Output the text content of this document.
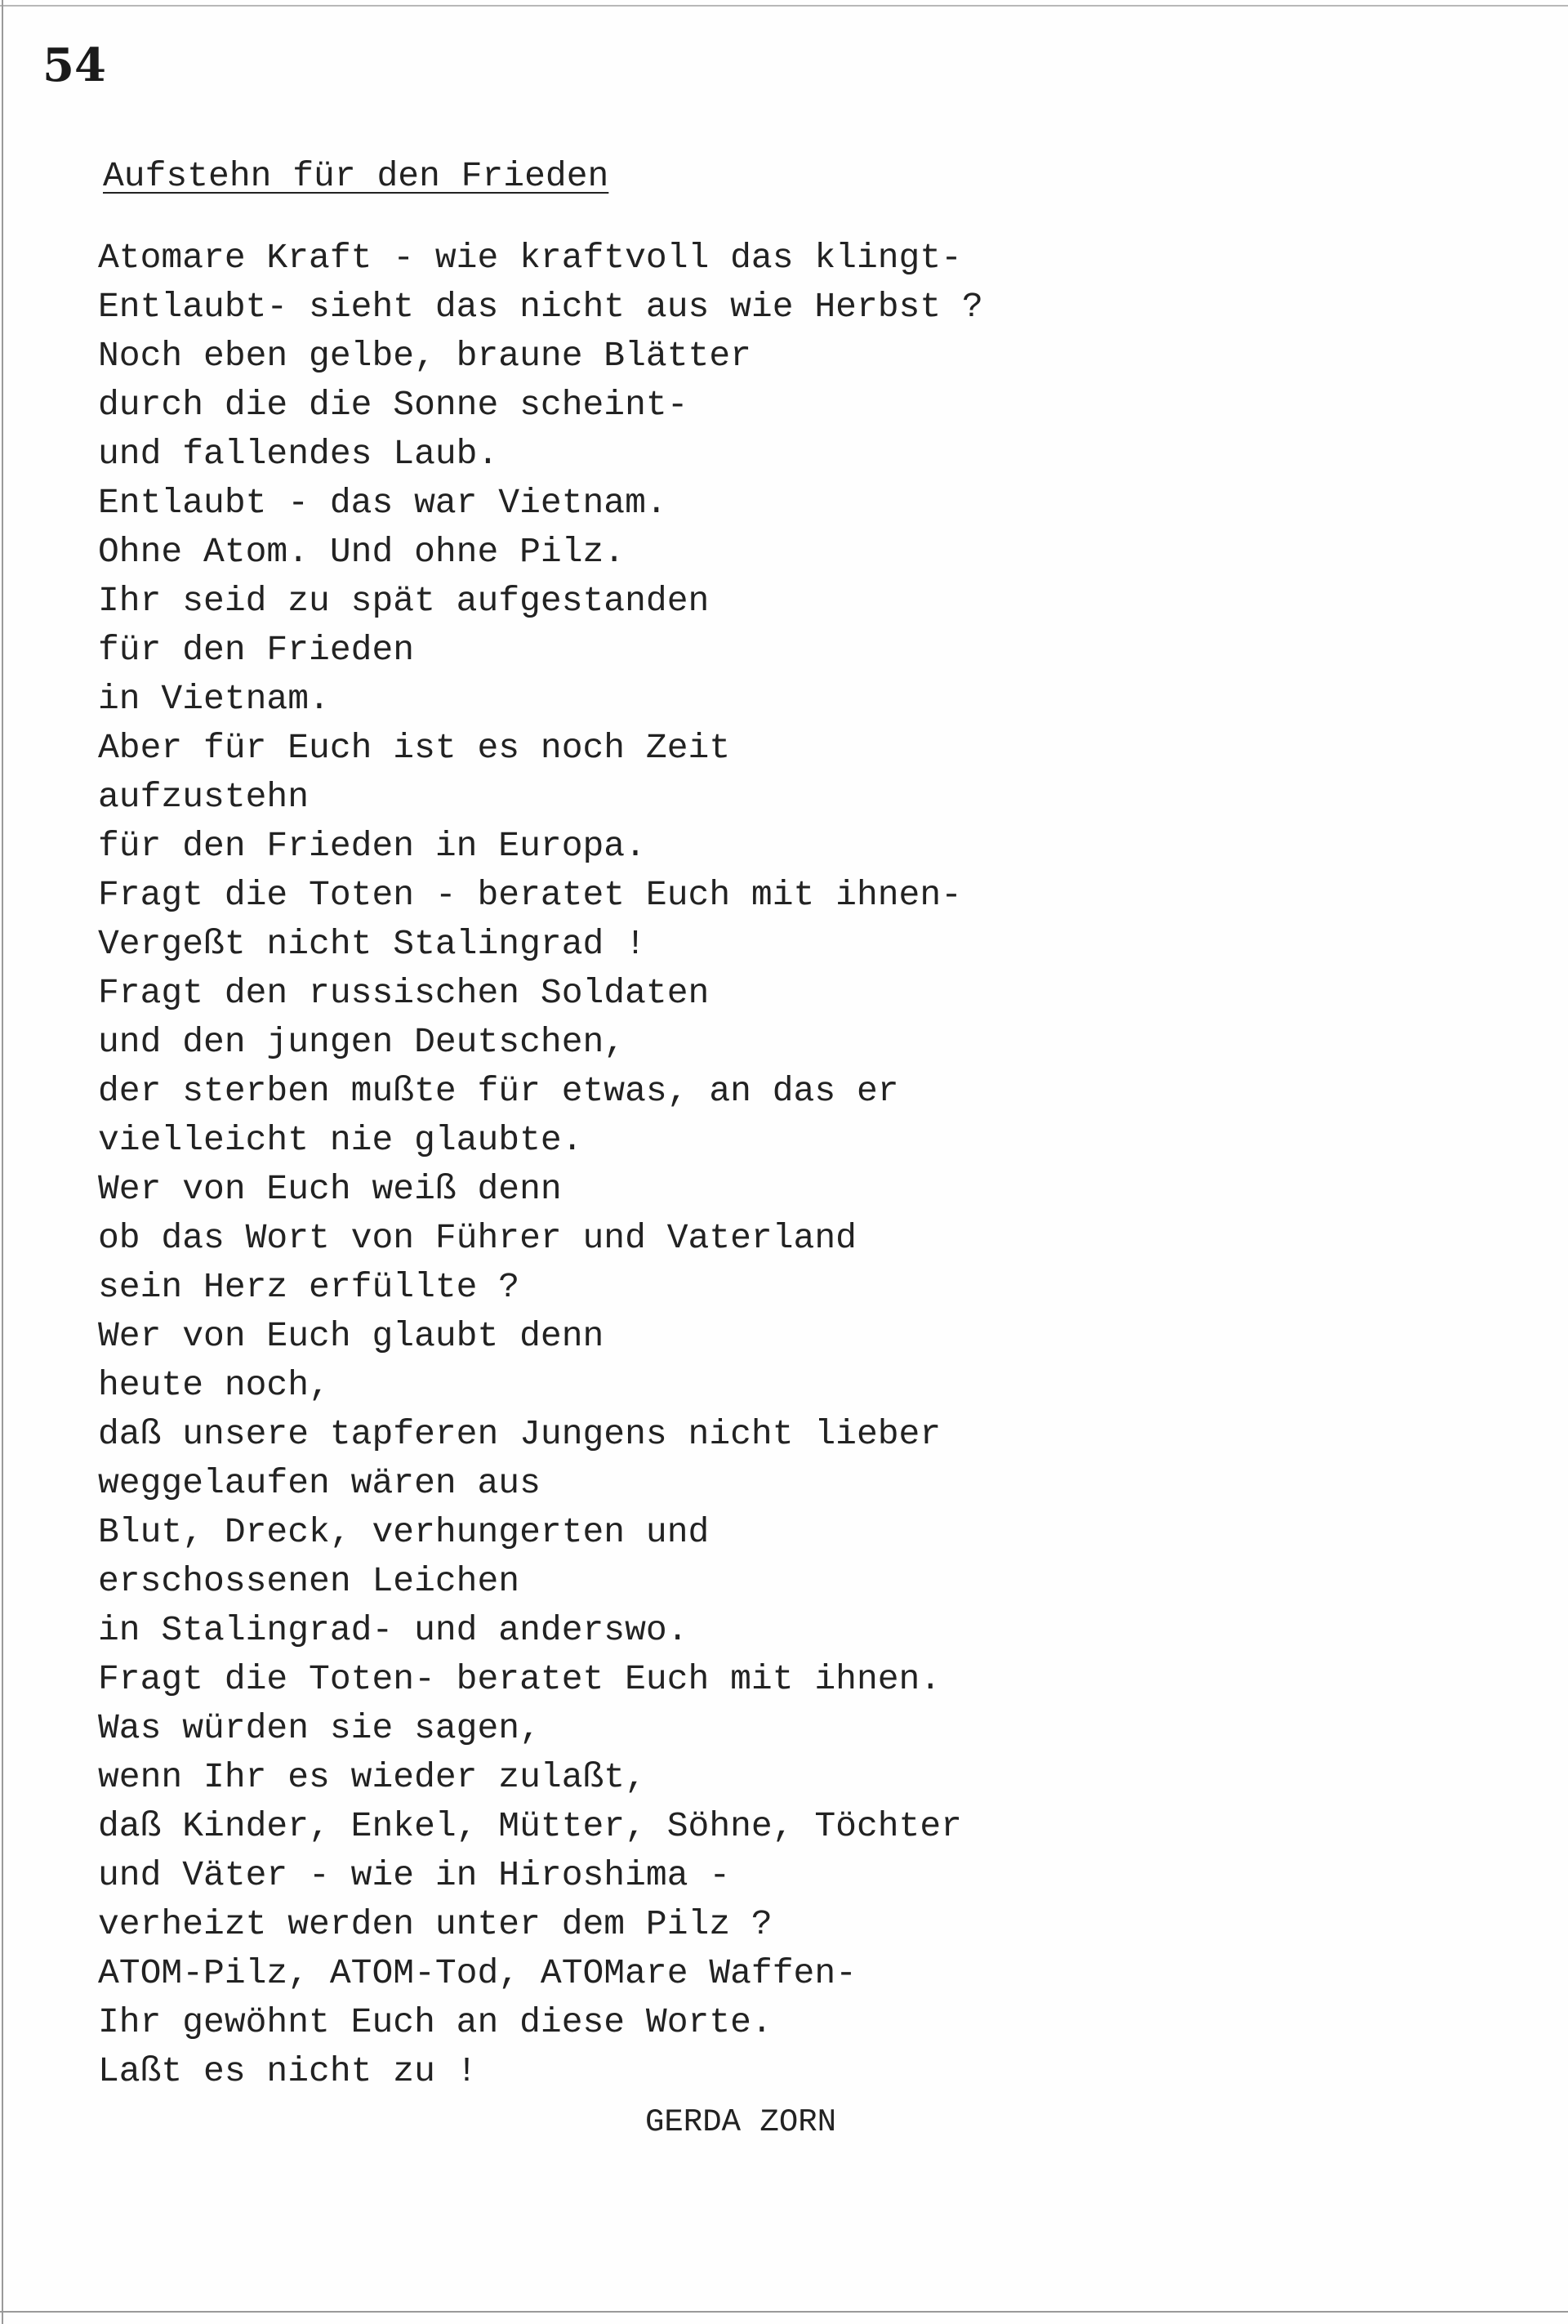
54
Aufstehn für den Frieden
Atomare Kraft - wie kraftvoll das klingt-
Entlaubt- sieht das nicht aus wie Herbst ?
Noch eben gelbe, braune Blätter
durch die die Sonne scheint-
und fallendes Laub.
Entlaubt - das war Vietnam.
Ohne Atom. Und ohne Pilz.
Ihr seid zu spät aufgestanden
für den Frieden
in Vietnam.
Aber für Euch ist es noch Zeit
aufzustehn
für den Frieden in Europa.
Fragt die Toten - beratet Euch mit ihnen-
Vergeßt nicht Stalingrad !
Fragt den russischen Soldaten
und den jungen Deutschen,
der sterben mußte für etwas, an das er
vielleicht nie glaubte.
Wer von Euch weiß denn
ob das Wort von Führer und Vaterland
sein Herz erfüllte ?
Wer von Euch glaubt denn
heute noch,
daß unsere tapferen Jungens nicht lieber
weggelaufen wären aus
Blut, Dreck, verhungerten und
erschossenen Leichen
in Stalingrad- und anderswo.
Fragt die Toten- beratet Euch mit ihnen.
Was würden sie sagen,
wenn Ihr es wieder zulaßt,
daß Kinder, Enkel, Mütter, Söhne, Töchter
und Väter - wie in Hiroshima -
verheizt werden unter dem Pilz ?
ATOM-Pilz, ATOM-Tod, ATOMare Waffen-
Ihr gewöhnt Euch an diese Worte.
Laßt es nicht zu !
GERDA ZORN
